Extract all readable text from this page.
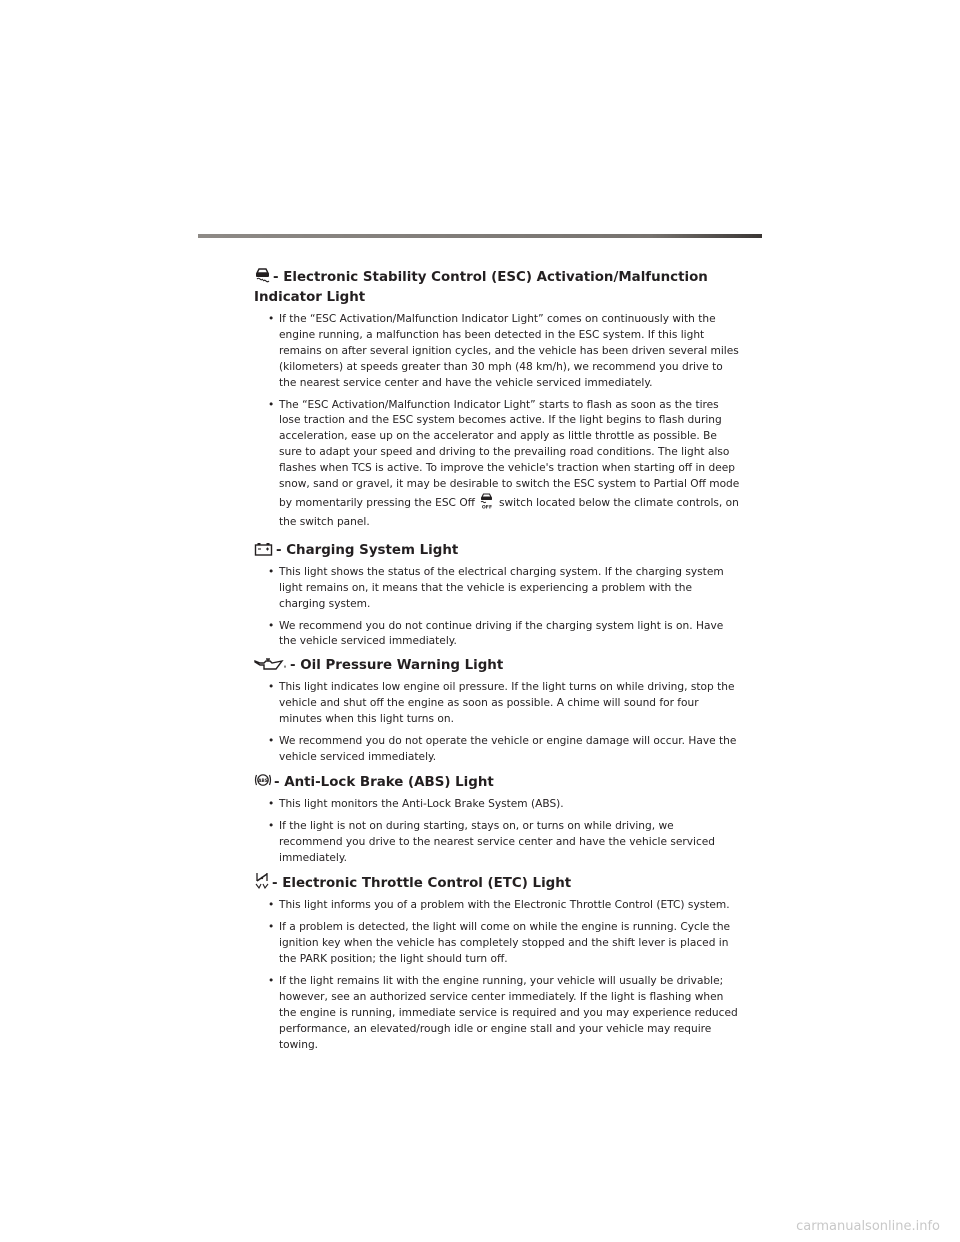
- Electronic Stability Control (ESC) Activation/Malfunction Indicator Light
• If the “ESC Activation/Malfunction Indicator Light” comes on continuously with the engine running, a malfunction has been detected in the ESC system. If this light remains on after several ignition cycles, and the vehicle has been driven several miles (kilometers) at speeds greater than 30 mph (48 km/h), we recommend you drive to the nearest service center and have the vehicle serviced immediately.
• The “ESC Activation/Malfunction Indicator Light” starts to flash as soon as the tires lose traction and the ESC system becomes active. If the light begins to flash during acceleration, ease up on the accelerator and apply as little throttle as possible. Be sure to adapt your speed and driving to the prevailing road conditions. The light also flashes when TCS is active. To improve the vehicle's traction when starting off in deep snow, sand or gravel, it may be desirable to switch the ESC system to Partial Off mode by momentarily pressing the ESC Off OFF switch located below the climate controls, on the switch panel.
- Charging System Light
• This light shows the status of the electrical charging system. If the charging system light remains on, it means that the vehicle is experiencing a problem with the charging system.
• We recommend you do not continue driving if the charging system light is on. Have the vehicle serviced immediately.
- Oil Pressure Warning Light
• This light indicates low engine oil pressure. If the light turns on while driving, stop the vehicle and shut off the engine as soon as possible. A chime will sound for four minutes when this light turns on.
• We recommend you do not operate the vehicle or engine damage will occur. Have the vehicle serviced immediately.
ABS - Anti-Lock Brake (ABS) Light
• This light monitors the Anti-Lock Brake System (ABS).
• If the light is not on during starting, stays on, or turns on while driving, we recommend you drive to the nearest service center and have the vehicle serviced immediately.
- Electronic Throttle Control (ETC) Light
• This light informs you of a problem with the Electronic Throttle Control (ETC) system.
• If a problem is detected, the light will come on while the engine is running. Cycle the ignition key when the vehicle has completely stopped and the shift lever is placed in the PARK position; the light should turn off.
• If the light remains lit with the engine running, your vehicle will usually be drivable; however, see an authorized service center immediately. If the light is flashing when the engine is running, immediate service is required and you may experience reduced performance, an elevated/rough idle or engine stall and your vehicle may require towing.
carmanualsonline.info
